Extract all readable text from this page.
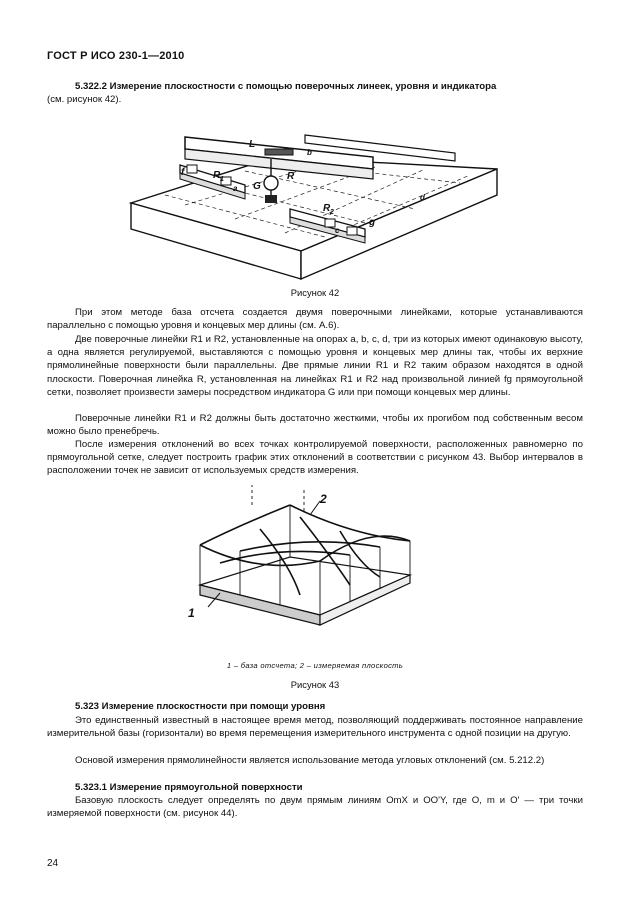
ГОСТ Р ИСО 230-1—2010

5.322.2 Измерение плоскостности с помощью поверочных линеек, уровня и индикатора
(см. рисунок 42).

L
f	R 1
G
R
R 2
g
a
b
c
d
Рисунок 42

При этом методе база отсчета создается двумя поверочными линейками, которые устанавливаются параллельно с помощью уровня и концевых мер длины (см. А.6).

Две поверочные линейки R1 и R2, установленные на опорах a, b, c, d, три из которых имеют одинаковую высоту, а одна является регулируемой, выставляются с помощью уровня и концевых мер длины так, чтобы их верхние прямолинейные поверхности были параллельны. Две прямые линии R1 и R2 таким образом находятся в одной плоскости. Поверочная линейка R, установленная на линейках R1 и R2 над произвольной линией fg прямоугольной сетки, позволяет произвести замеры посредством индикатора G или при помощи концевых мер длины.

Поверочные линейки R1 и R2 должны быть достаточно жесткими, чтобы их прогибом под собственным весом можно было пренебречь.

После измерения отклонений во всех точках контролируемой поверхности, расположенных равномерно по прямоугольной сетке, следует построить график этих отклонений в соответствии с рисунком 43. Выбор интервалов в расположении точек не зависит от используемых средств измерения.

2
1
1 – база отсчета; 2 – измеряемая плоскость
Рисунок 43

5.323 Измерение плоскостности при помощи уровня

Это единственный известный в настоящее время метод, позволяющий поддерживать постоянное направление измерительной базы (горизонтали) во время перемещения измерительного инструмента с одной позиции на другую.

Основой измерения прямолинейности является использование метода угловых отклонений (см. 5.212.2)

5.323.1 Измерение прямоугольной поверхности

Базовую плоскость следует определять по двум прямым линиям OmX и OO'Y, где O, m и O' — три точки измеряемой поверхности (см. рисунок 44).

24
